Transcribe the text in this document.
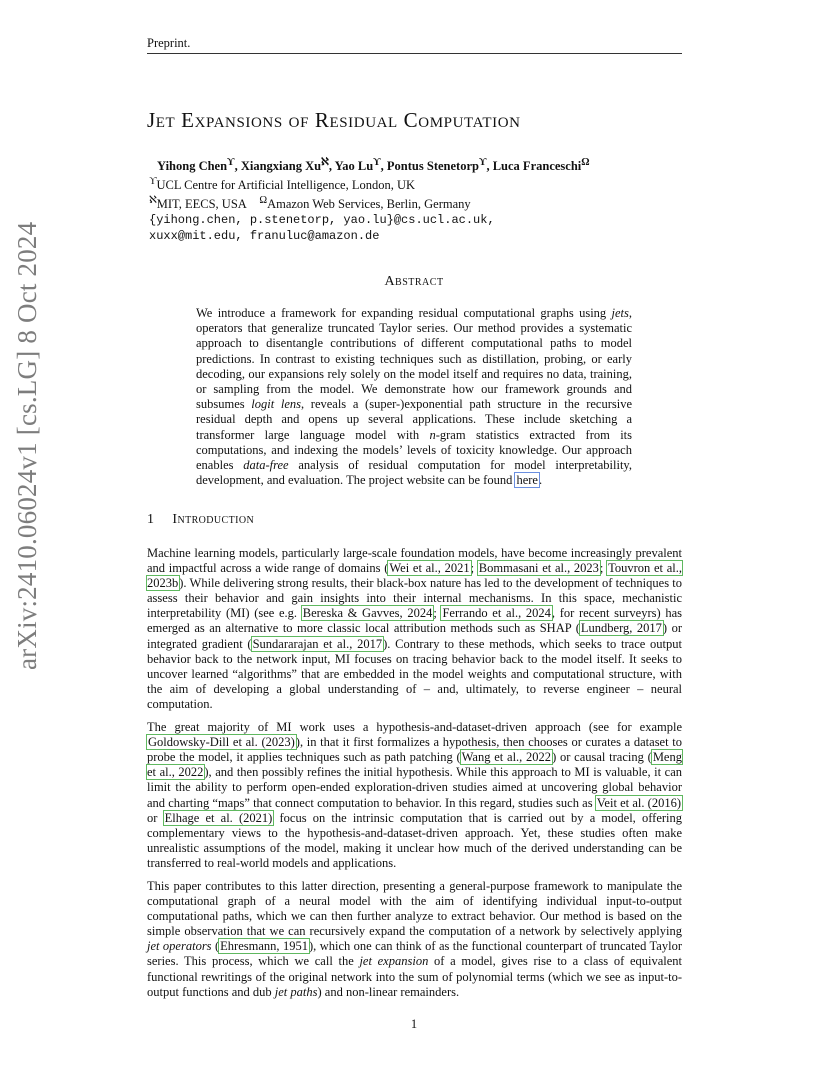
Preprint.
arXiv:2410.06024v1 [cs.LG] 8 Oct 2024
Jet Expansions of Residual Computation
Yihong Chen$^ϒ$, Xiangxiang $Xu^ℵ$, Yao $Lu^ϒ$, Pontus Stenetorp$^ϒ$, Luca Franceschi$^\Omega$
$^ϒ$UCL Centre for Artificial Intelligence, London, UK
$^ℵ$MIT, EECS, USA $^\Omega$Amazon Web Services, Berlin, Germany
{yihong.chen, p.stenetorp, yao.lu}@cs.ucl.ac.uk,
xuxx@mit.edu, franuluc@amazon.de
Abstract
We introduce a framework for expanding residual computational graphs using jets, operators that generalize truncated Taylor series. Our method provides a systematic approach to disentangle contributions of different computational paths to model predictions. In contrast to existing techniques such as distillation, probing, or early decoding, our expansions rely solely on the model itself and requires no data, training, or sampling from the model. We demonstrate how our framework grounds and subsumes logit lens, reveals a (super-)exponential path structure in the recursive residual depth and opens up several applications. These include sketching a transformer large language model with n-gram statistics extracted from its computations, and indexing the models’ levels of toxicity knowledge. Our approach enables data-free analysis of residual computation for model interpretability, development, and evaluation. The project website can be found here.
1 Introduction

Machine learning models, particularly large-scale foundation models, have become increasingly prevalent and impactful across a wide range of domains (Wei et al., 2021; Bommasani et al., 2023; Touvron et al., 2023b). While delivering strong results, their black-box nature has led to the development of techniques to assess their behavior and gain insights into their internal mechanisms. In this space, mechanistic interpretability (MI) (see e.g. Bereska & Gavves, 2024; Ferrando et al., 2024, for recent surveyrs) has emerged as an alternative to more classic local attribution methods such as SHAP (Lundberg, 2017) or integrated gradient (Sundararajan et al., 2017). Contrary to these methods, which seeks to trace output behavior back to the network input, MI focuses on tracing behavior back to the model itself. It seeks to uncover learned “algorithms” that are embedded in the model weights and computational structure, with the aim of developing a global understanding of – and, ultimately, to reverse engineer – neural computation.

The great majority of MI work uses a hypothesis-and-dataset-driven approach (see for example Goldowsky-Dill et al. (2023)), in that it first formalizes a hypothesis, then chooses or curates a dataset to probe the model, it applies techniques such as path patching (Wang et al., 2022) or causal tracing (Meng et al., 2022), and then possibly refines the initial hypothesis. While this approach to MI is valuable, it can limit the ability to perform open-ended exploration-driven studies aimed at uncovering global behavior and charting “maps” that connect computation to behavior. In this regard, studies such as Veit et al. (2016) or Elhage et al. (2021) focus on the intrinsic computation that is carried out by a model, offering complementary views to the hypothesis-and-dataset-driven approach. Yet, these studies often make unrealistic assumptions of the model, making it unclear how much of the derived understanding can be transferred to real-world models and applications.

This paper contributes to this latter direction, presenting a general-purpose framework to manipulate the computational graph of a neural model with the aim of identifying individual input-to-output computational paths, which we can then further analyze to extract behavior. Our method is based on the simple observation that we can recursively expand the computation of a network by selectively applying jet operators (Ehresmann, 1951), which one can think of as the functional counterpart of truncated Taylor series. This process, which we call the jet expansion of a model, gives rise to a class of equivalent functional rewritings of the original network into the sum of polynomial terms (which we see as input-to-output functions and dub jet paths) and non-linear remainders.

1
